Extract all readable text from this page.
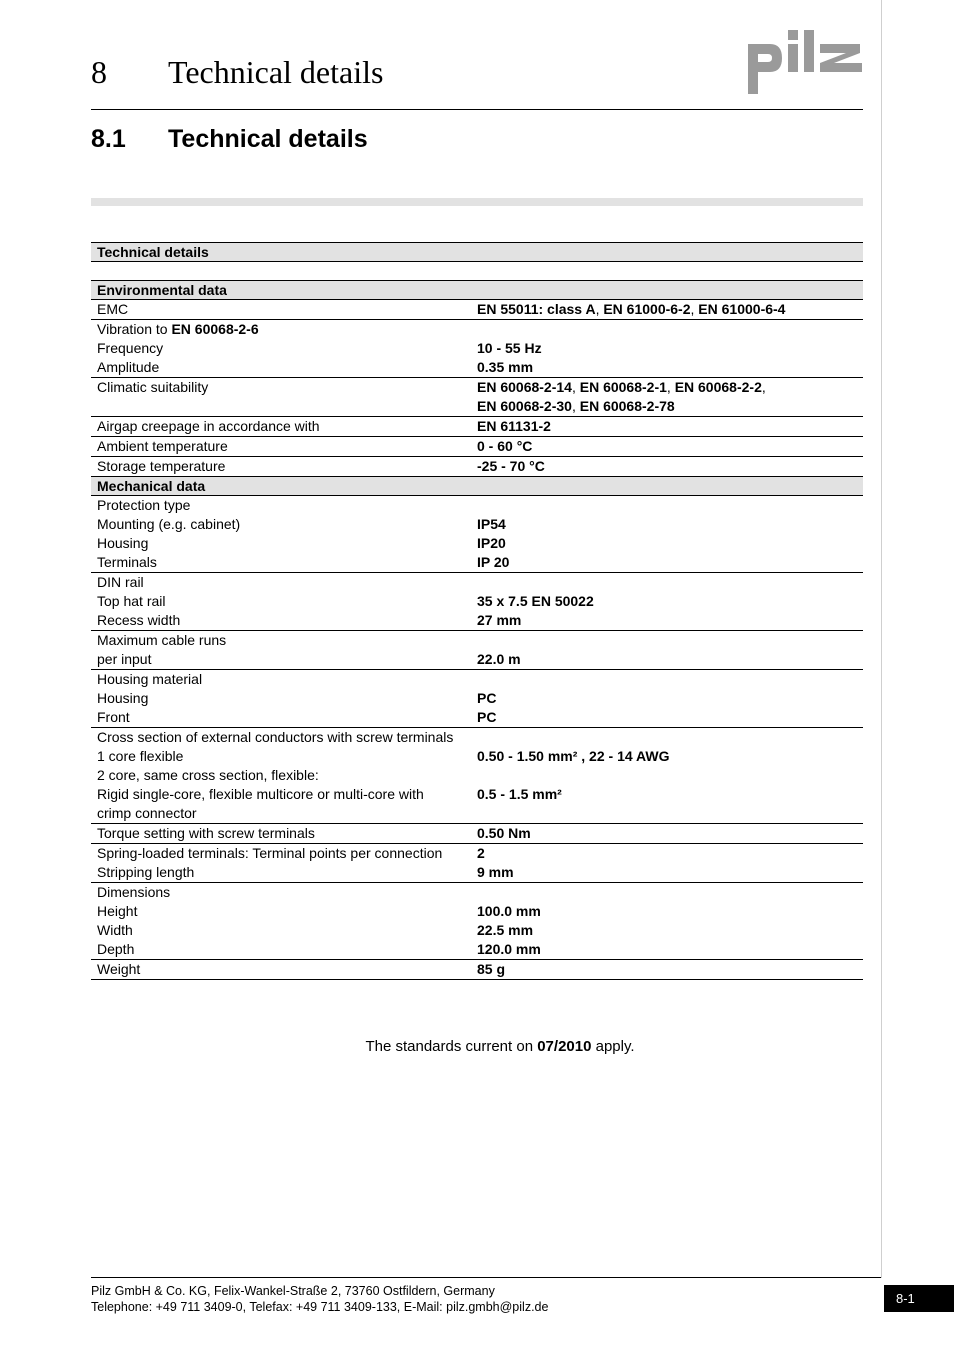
8 Technical details
8.1 Technical details
Technical details
Environmental data
EMC	EN 55011: class A, EN 61000-6-2, EN 61000-6-4
Vibration to EN 60068-2-6
Frequency	10 - 55 Hz
Amplitude	0.35 mm
Climatic suitability	EN 60068-2-14, EN 60068-2-1, EN 60068-2-2,
EN 60068-2-30, EN 60068-2-78
Airgap creepage in accordance with	EN 61131-2
Ambient temperature	0 - 60 °C
Storage temperature	-25 - 70 °C
Mechanical data
Protection type
Mounting (e.g. cabinet)	IP54
Housing	IP20
Terminals	IP 20
DIN rail
Top hat rail	35 x 7.5 EN 50022
Recess width	27 mm
Maximum cable runs
per input	22.0 m
Housing material
Housing	PC
Front	PC
Cross section of external conductors with screw terminals
1 core flexible	0.50 - 1.50 mm² , 22 - 14 AWG
2 core, same cross section, flexible:
Rigid single-core, flexible multicore or multi-core with	0.5 - 1.5 mm²
crimp connector
Torque setting with screw terminals	0.50 Nm
Spring-loaded terminals: Terminal points per connection	2
Stripping length	9 mm
Dimensions
Height	100.0 mm
Width	22.5 mm
Depth	120.0 mm
Weight	85 g
The standards current on 07/2010 apply.
Pilz GmbH & Co. KG, Felix-Wankel-Straße 2, 73760 Ostfildern, Germany
Telephone: +49 711 3409-0, Telefax: +49 711 3409-133, E-Mail: pilz.gmbh@pilz.de
8-1
